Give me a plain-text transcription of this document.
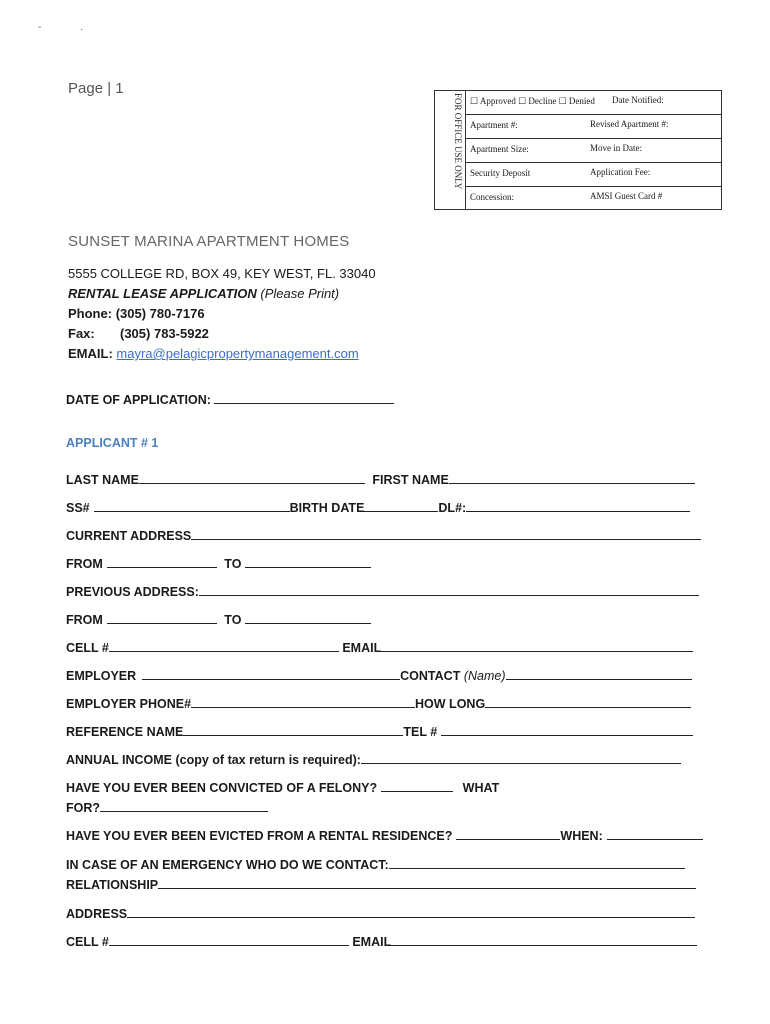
-	·
Page | 1
FOR OFFICE USE ONLY ☐ Approved ☐ Decline ☐ Denied Date Notified:
Apartment #:	Revised Apartment #:
Apartment Size:	Move in Date:
Security Deposit	Application Fee:
Concession:	AMSI Guest Card #
SUNSET MARINA APARTMENT HOMES
5555 COLLEGE RD, BOX 49, KEY WEST, FL. 33040
RENTAL LEASE APPLICATION (Please Print)
Phone: (305) 780-7176
Fax: (305) 783-5922
EMAIL: mayra@pelagicpropertymanagement.com
DATE OF APPLICATION:
APPLICANT # 1
LAST NAME	FIRST NAME
SS#	BIRTH DATE	DL#:
CURRENT ADDRESS
FROM	TO
PREVIOUS ADDRESS:
FROM	TO
CELL #	EMAIL
EMPLOYER	CONTACT (Name)
EMPLOYER PHONE#	HOW LONG
REFERENCE NAME	TEL #
ANNUAL INCOME (copy of tax return is required):
HAVE YOU EVER BEEN CONVICTED OF A FELONY?	WHAT
FOR?
HAVE YOU EVER BEEN EVICTED FROM A RENTAL RESIDENCE?	WHEN:
IN CASE OF AN EMERGENCY WHO DO WE CONTACT:
RELATIONSHIP
ADDRESS
CELL #	EMAIL
